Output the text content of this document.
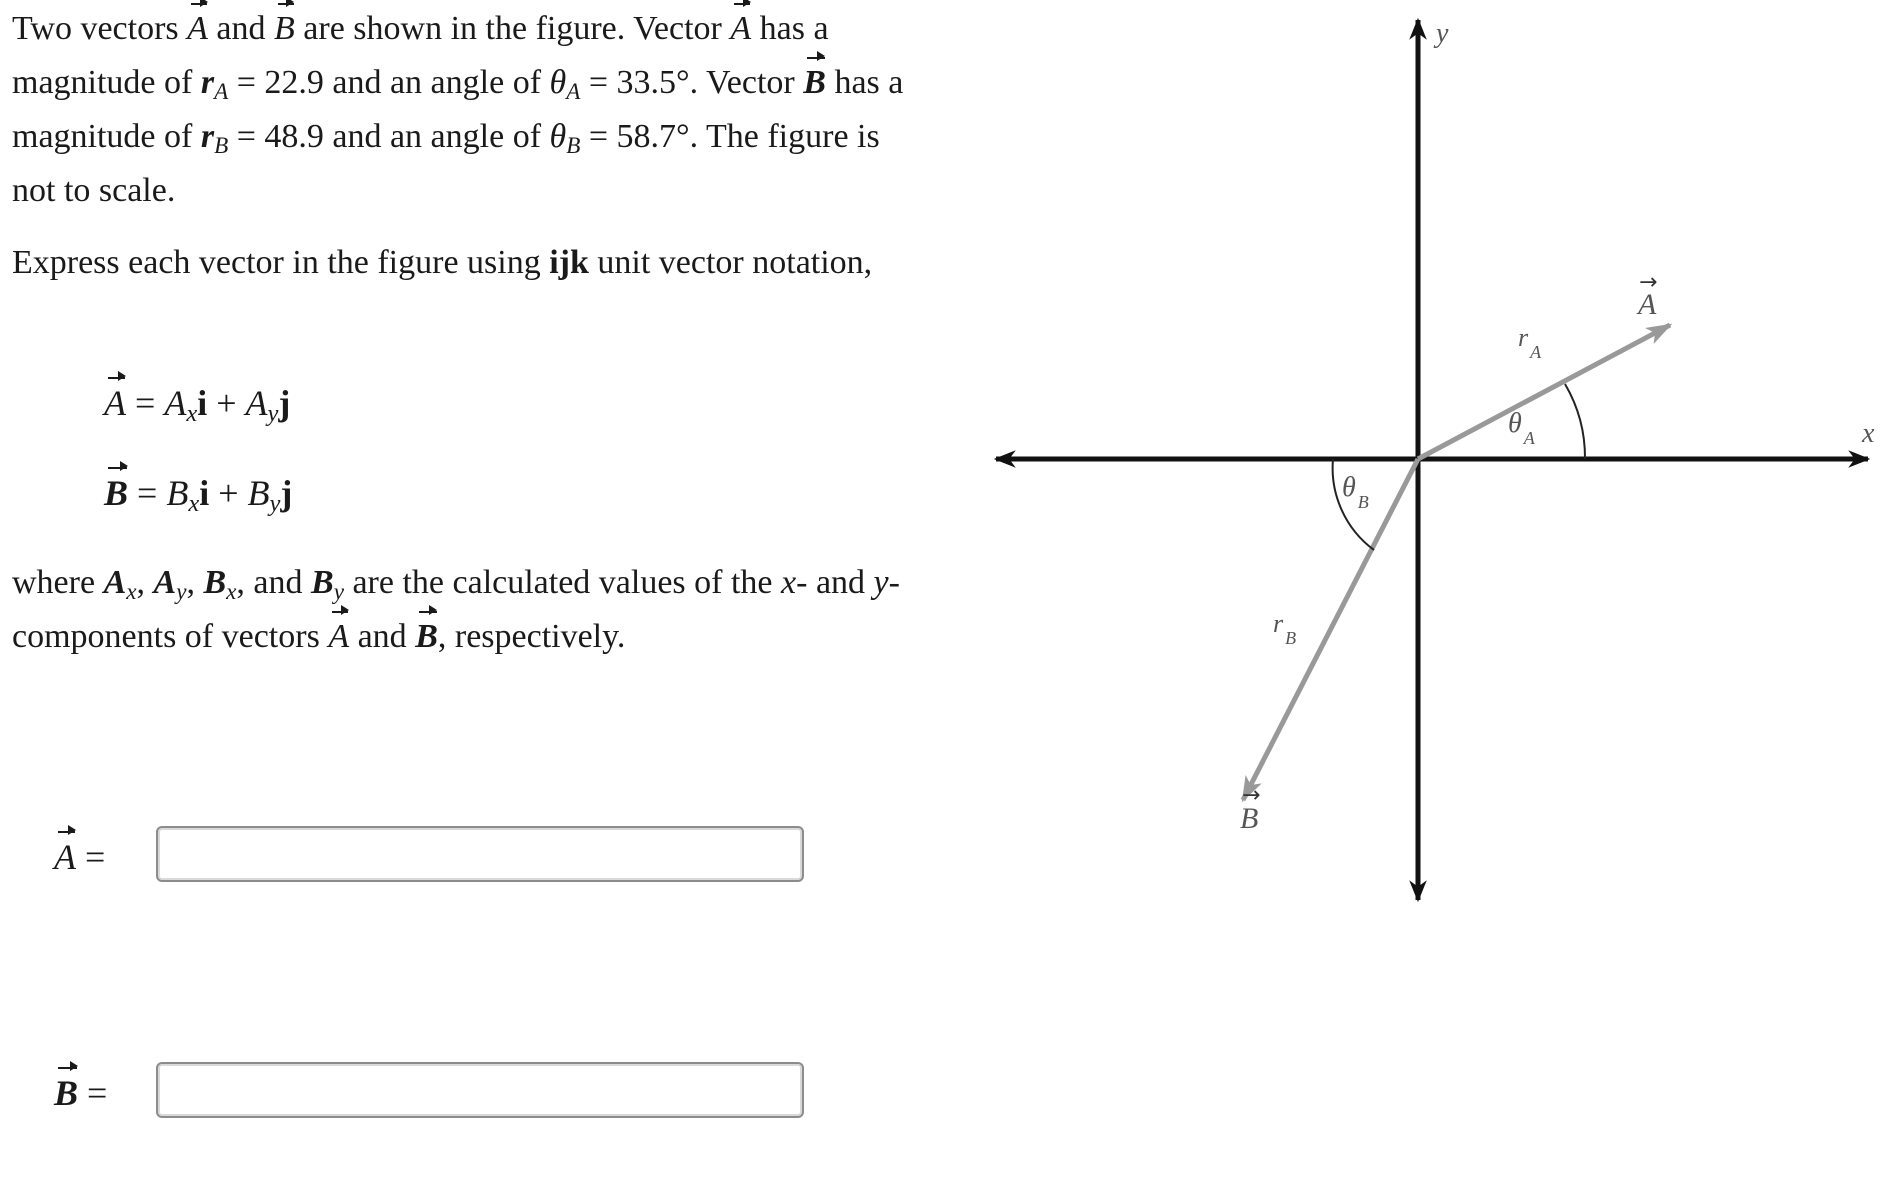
Two vectors A and B are shown in the figure. Vector A has a magnitude of $r_A = 22.9$ and an angle of $\theta_A = 33.5^\circ$. Vector B has a magnitude of $r_B = 48.9$ and an angle of $\theta_B = 58.7^\circ$. The figure is not to scale.
Express each vector in the figure using ijk unit vector notation,
$A = A_xi + A_yj$
$B = B_xi + B_yj$
where $A_x$, $A_y$, $B_x$, and $B_y$ are the calculated values of the x- and y-components of vectors A and B, respectively.
A =
B =
y
x
A
→
B
→
r $_A$
r $_B$
θ $_A$
θ $_B$
